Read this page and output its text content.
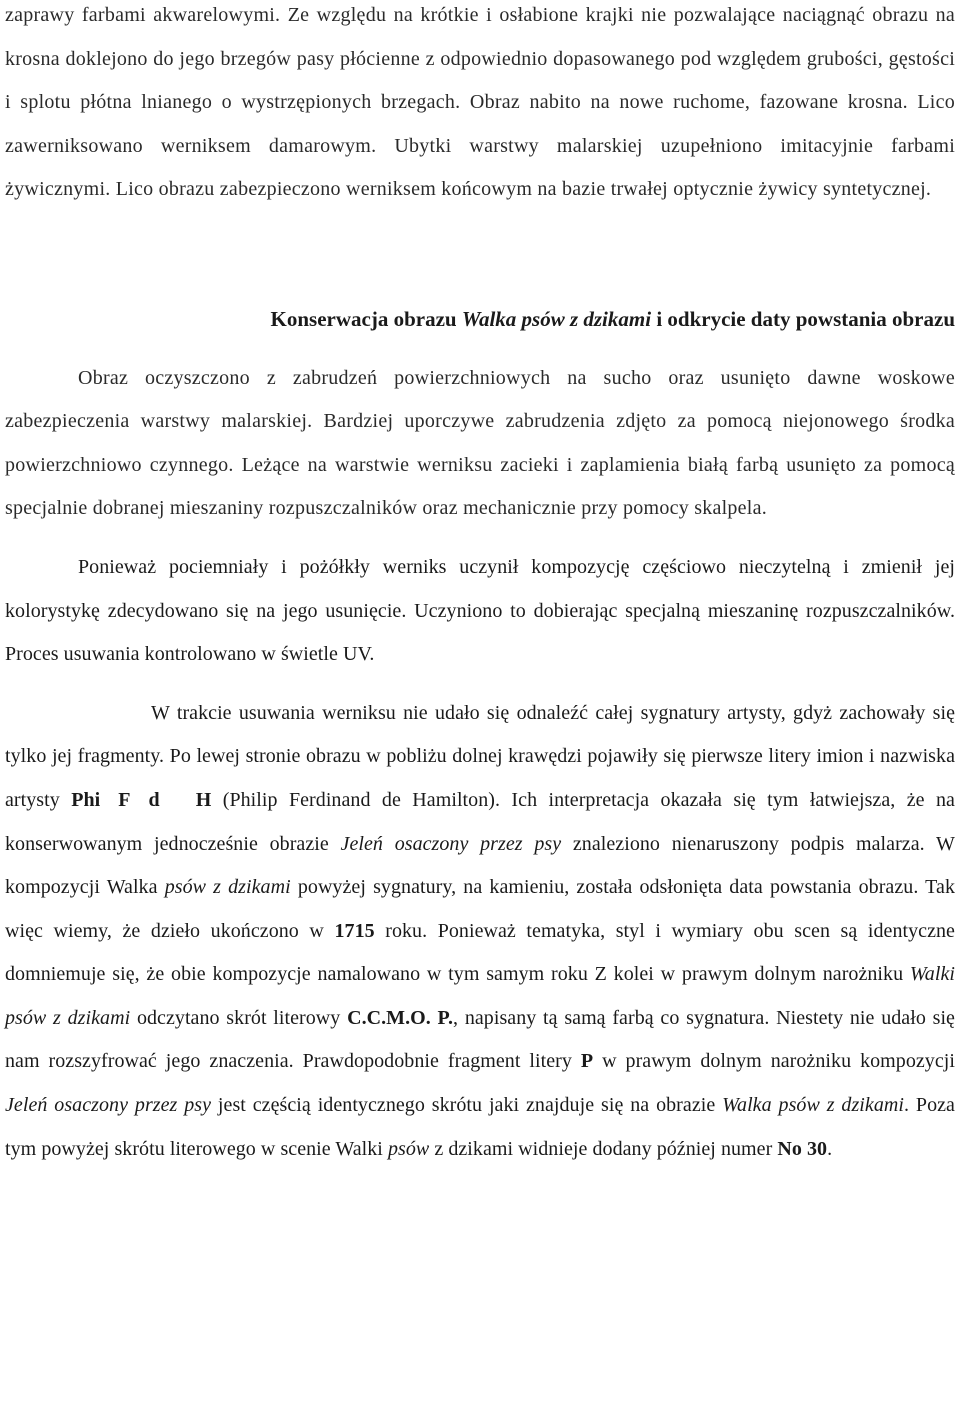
zaprawy farbami akwarelowymi. Ze względu na krótkie i osłabione krajki nie pozwalające naciągnąć obrazu na krosna doklejono do jego brzegów pasy płócienne z odpowiednio dopasowanego pod względem grubości, gęstości i splotu płótna lnianego o wystrzępionych brzegach. Obraz nabito na nowe ruchome, fazowane krosna. Lico zawerniksowano werniksem damarowym. Ubytki warstwy malarskiej uzupełniono imitacyjnie farbami żywicznymi. Lico obrazu zabezpieczono werniksem końcowym na bazie trwałej optycznie żywicy syntetycznej.

Konserwacja obrazu Walka psów z dzikami i odkrycie daty powstania obrazu

Obraz oczyszczono z zabrudzeń powierzchniowych na sucho oraz usunięto dawne woskowe zabezpieczenia warstwy malarskiej. Bardziej uporczywe zabrudzenia zdjęto za pomocą niejonowego środka powierzchniowo czynnego. Leżące na warstwie werniksu zacieki i zaplamienia białą farbą usunięto za pomocą specjalnie dobranej mieszaniny rozpuszczalników oraz mechanicznie przy pomocy skalpela.

Ponieważ pociemniały i pożółkły werniks uczynił kompozycję częściowo nieczytelną i zmienił jej kolorystykę zdecydowano się na jego usunięcie. Uczyniono to dobierając specjalną mieszaninę rozpuszczalników. Proces usuwania kontrolowano w świetle UV.

W trakcie usuwania werniksu nie udało się odnaleźć całej sygnatury artysty, gdyż zachowały się tylko jej fragmenty. Po lewej stronie obrazu w pobliżu dolnej krawędzi pojawiły się pierwsze litery imion i nazwiska artysty Phi F d H (Philip Ferdinand de Hamilton). Ich interpretacja okazała się tym łatwiejsza, że na konserwowanym jednocześnie obrazie Jeleń osaczony przez psy znaleziono nienaruszony podpis malarza. W kompozycji Walka psów z dzikami powyżej sygnatury, na kamieniu, została odsłonięta data powstania obrazu. Tak więc wiemy, że dzieło ukończono w 1715 roku. Ponieważ tematyka, styl i wymiary obu scen są identyczne domniemuje się, że obie kompozycje namalowano w tym samym roku Z kolei w prawym dolnym narożniku Walki psów z dzikami odczytano skrót literowy C.C.M.O. P., napisany tą samą farbą co sygnatura. Niestety nie udało się nam rozszyfrować jego znaczenia. Prawdopodobnie fragment litery P w prawym dolnym narożniku kompozycji Jeleń osaczony przez psy jest częścią identycznego skrótu jaki znajduje się na obrazie Walka psów z dzikami. Poza tym powyżej skrótu literowego w scenie Walki psów z dzikami widnieje dodany później numer No 30.
